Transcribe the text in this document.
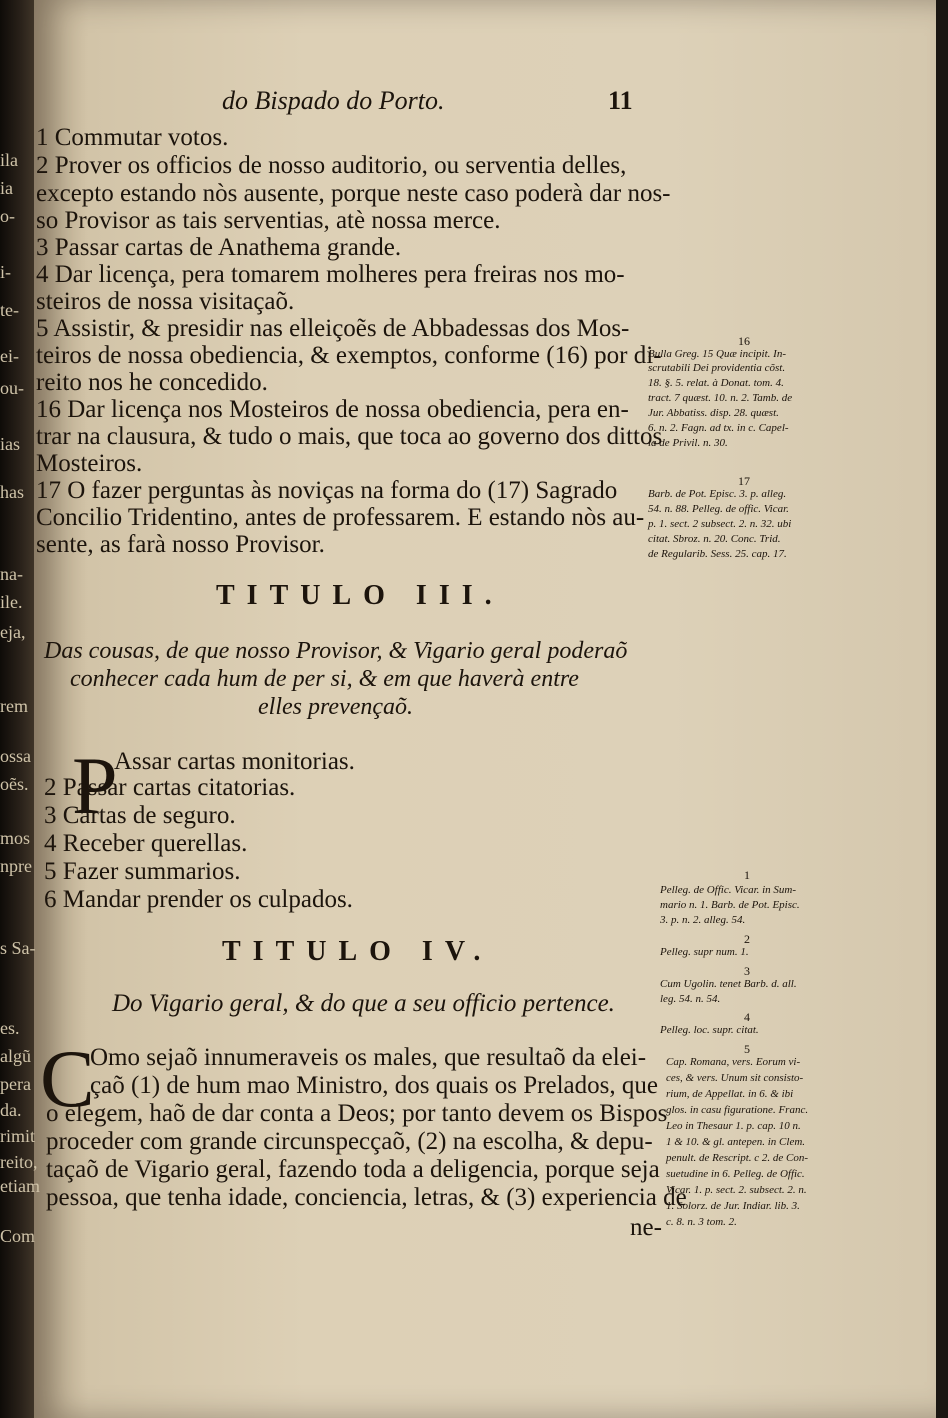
ila
ia
o-
i-
te-
ei-
ou-
ias
has
na-
ile.
eja,
rem
ossa
oẽs.
mos
npre
s Sa-
es.
algũ
pera
da.
rimit
reito,
etiam
Com
do Bispado do Porto.	11
1 Commutar votos.
2 Prover os officios de nosso auditorio, ou serventia delles,
excepto estando nòs ausente, porque neste caso poderà dar nos-
so Provisor as tais serventias, atè nossa merce.
3 Passar cartas de Anathema grande.
4 Dar licença, pera tomarem molheres pera freiras nos mo-
steiros de nossa visitaçaõ.
5 Assistir, & presidir nas elleiçoẽs de Abbadessas dos Mos-
teiros de nossa obediencia, & exemptos, conforme (16) por di-
reito nos he concedido.
16 Dar licença nos Mosteiros de nossa obediencia, pera en-
trar na clausura, & tudo o mais, que toca ao governo dos dittos
Mosteiros.
17 O fazer perguntas às noviças na forma do (17) Sagrado
Concilio Tridentino, antes de professarem. E estando nòs au-
sente, as farà nosso Provisor.
TITULO III.
Das cousas, de que nosso Provisor, & Vigario geral poderaõ
conhecer cada hum de per si, & em que haverà entre
elles prevençaõ.
P
Assar cartas monitorias.
2 Passar cartas citatorias.
3 Cartas de seguro.
4 Receber querellas.
5 Fazer summarios.
6 Mandar prender os culpados.
TITULO IV.
Do Vigario geral, & do que a seu officio pertence.
C
Omo sejaõ innumeraveis os males, que resultaõ da elei-
çaõ (1) de hum mao Ministro, dos quais os Prelados, que
o elegem, haõ de dar conta a Deos; por tanto devem os Bispos
proceder com grande circunspecçaõ, (2) na escolha, & depu-
taçaõ de Vigario geral, fazendo toda a deligencia, porque seja
pessoa, que tenha idade, conciencia, letras, & (3) experiencia de
ne-
16
Bulla Greg. 15 Quæ incipit. In-
scrutabili Dei providentia cõst.
18. §. 5. relat. à Donat. tom. 4.
tract. 7 quæst. 10. n. 2. Tamb. de
Jur. Abbatiss. disp. 28. quæst.
6. n. 2. Fagn. ad tx. in c. Capel-
la de Privil. n. 30.
17
Barb. de Pot. Episc. 3. p. alleg.
54. n. 88. Pelleg. de offic. Vicar.
p. 1. sect. 2 subsect. 2. n. 32. ubi
citat. Sbroz. n. 20. Conc. Trid.
de Regularib. Sess. 25. cap. 17.
1
Pelleg. de Offic. Vicar. in Sum-
mario n. 1. Barb. de Pot. Episc.
3. p. n. 2. alleg. 54.
2
Pelleg. supr num. 1.
3
Cum Ugolin. tenet Barb. d. all.
leg. 54. n. 54.
4
Pelleg. loc. supr. citat.
5
Cap. Romana, vers. Eorum vi-
ces, & vers. Unum sit consisto-
rium, de Appellat. in 6. & ibi
glos. in casu figuratione. Franc.
Leo in Thesaur 1. p. cap. 10 n.
1 & 10. & gl. antepen. in Clem.
penult. de Rescript. c 2. de Con-
suetudine in 6. Pelleg. de Offic.
Vicar. 1. p. sect. 2. subsect. 2. n.
1. Solorz. de Jur. Indiar. lib. 3.
c. 8. n. 3 tom. 2.
